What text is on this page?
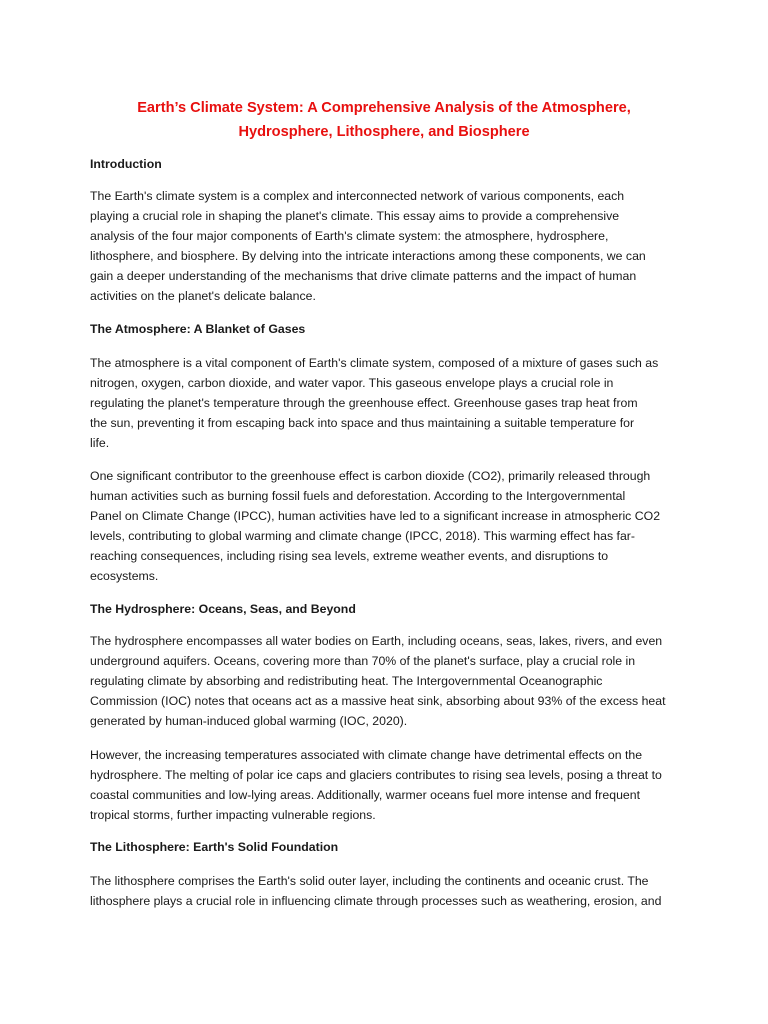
Earth’s Climate System: A Comprehensive Analysis of the Atmosphere,
Hydrosphere, Lithosphere, and Biosphere
Introduction

The Earth's climate system is a complex and interconnected network of various components, each
playing a crucial role in shaping the planet's climate. This essay aims to provide a comprehensive
analysis of the four major components of Earth's climate system: the atmosphere, hydrosphere,
lithosphere, and biosphere. By delving into the intricate interactions among these components, we can
gain a deeper understanding of the mechanisms that drive climate patterns and the impact of human
activities on the planet's delicate balance.

The Atmosphere: A Blanket of Gases

The atmosphere is a vital component of Earth's climate system, composed of a mixture of gases such as
nitrogen, oxygen, carbon dioxide, and water vapor. This gaseous envelope plays a crucial role in
regulating the planet's temperature through the greenhouse effect. Greenhouse gases trap heat from
the sun, preventing it from escaping back into space and thus maintaining a suitable temperature for
life.

One significant contributor to the greenhouse effect is carbon dioxide (CO2), primarily released through
human activities such as burning fossil fuels and deforestation. According to the Intergovernmental
Panel on Climate Change (IPCC), human activities have led to a significant increase in atmospheric CO2
levels, contributing to global warming and climate change (IPCC, 2018). This warming effect has far-
reaching consequences, including rising sea levels, extreme weather events, and disruptions to
ecosystems.

The Hydrosphere: Oceans, Seas, and Beyond

The hydrosphere encompasses all water bodies on Earth, including oceans, seas, lakes, rivers, and even
underground aquifers. Oceans, covering more than 70% of the planet's surface, play a crucial role in
regulating climate by absorbing and redistributing heat. The Intergovernmental Oceanographic
Commission (IOC) notes that oceans act as a massive heat sink, absorbing about 93% of the excess heat
generated by human-induced global warming (IOC, 2020).

However, the increasing temperatures associated with climate change have detrimental effects on the
hydrosphere. The melting of polar ice caps and glaciers contributes to rising sea levels, posing a threat to
coastal communities and low-lying areas. Additionally, warmer oceans fuel more intense and frequent
tropical storms, further impacting vulnerable regions.

The Lithosphere: Earth's Solid Foundation

The lithosphere comprises the Earth's solid outer layer, including the continents and oceanic crust. The
lithosphere plays a crucial role in influencing climate through processes such as weathering, erosion, and
